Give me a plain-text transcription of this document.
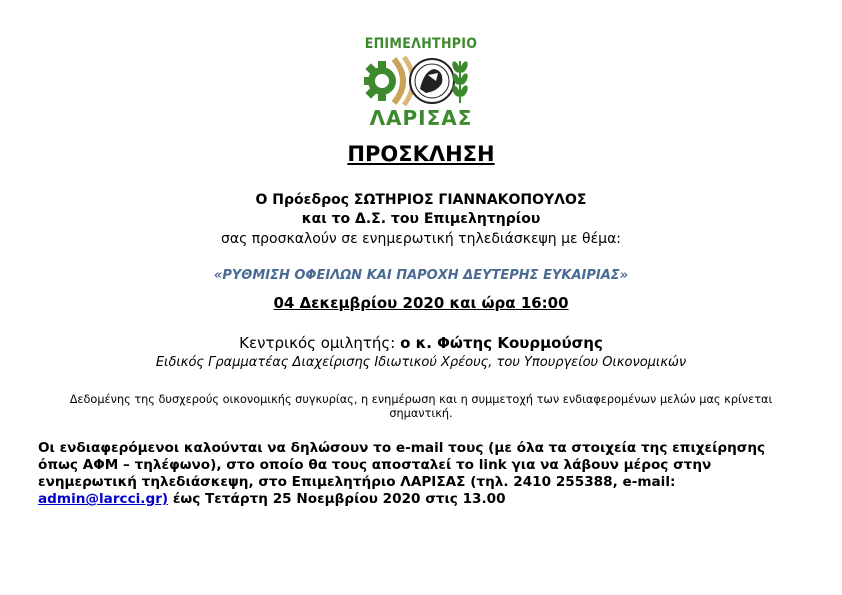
ΕΠΙΜΕΛΗΤΗΡΙΟ
ΛΑΡΙΣΑΣ
ΠΡΟΣΚΛΗΣΗ
Ο Πρόεδρος ΣΩΤΗΡΙΟΣ ΓΙΑΝΝΑΚΟΠΟΥΛΟΣ
και το Δ.Σ. του Επιμελητηρίου
σας προσκαλούν σε ενημερωτική τηλεδιάσκεψη με θέμα:
«ΡΥΘΜΙΣΗ ΟΦΕΙΛΩΝ ΚΑΙ ΠΑΡΟΧΗ ΔΕΥΤΕΡΗΣ ΕΥΚΑΙΡΙΑΣ»
04 Δεκεμβρίου 2020 και ώρα 16:00
Κεντρικός ομιλητής: ο κ. Φώτης Κουρμούσης
Ειδικός Γραμματέας Διαχείρισης Ιδιωτικού Χρέους, του Υπουργείου Οικονομικών
Δεδομένης της δυσχερούς οικονομικής συγκυρίας, η ενημέρωση και η συμμετοχή των ενδιαφερομένων μελών μας κρίνεται σημαντική.
Οι ενδιαφερόμενοι καλούνται να δηλώσουν το e-mail τους (με όλα τα στοιχεία της επιχείρησης όπως ΑΦΜ – τηλέφωνο), στο οποίο θα τους αποσταλεί το link για να λάβουν μέρος στην ενημερωτική τηλεδιάσκεψη, στο Επιμελητήριο ΛΑΡΙΣΑΣ (τηλ. 2410 255388, e-mail:
admin@larcci.gr) έως Τετάρτη 25 Νοεμβρίου 2020 στις 13.00
